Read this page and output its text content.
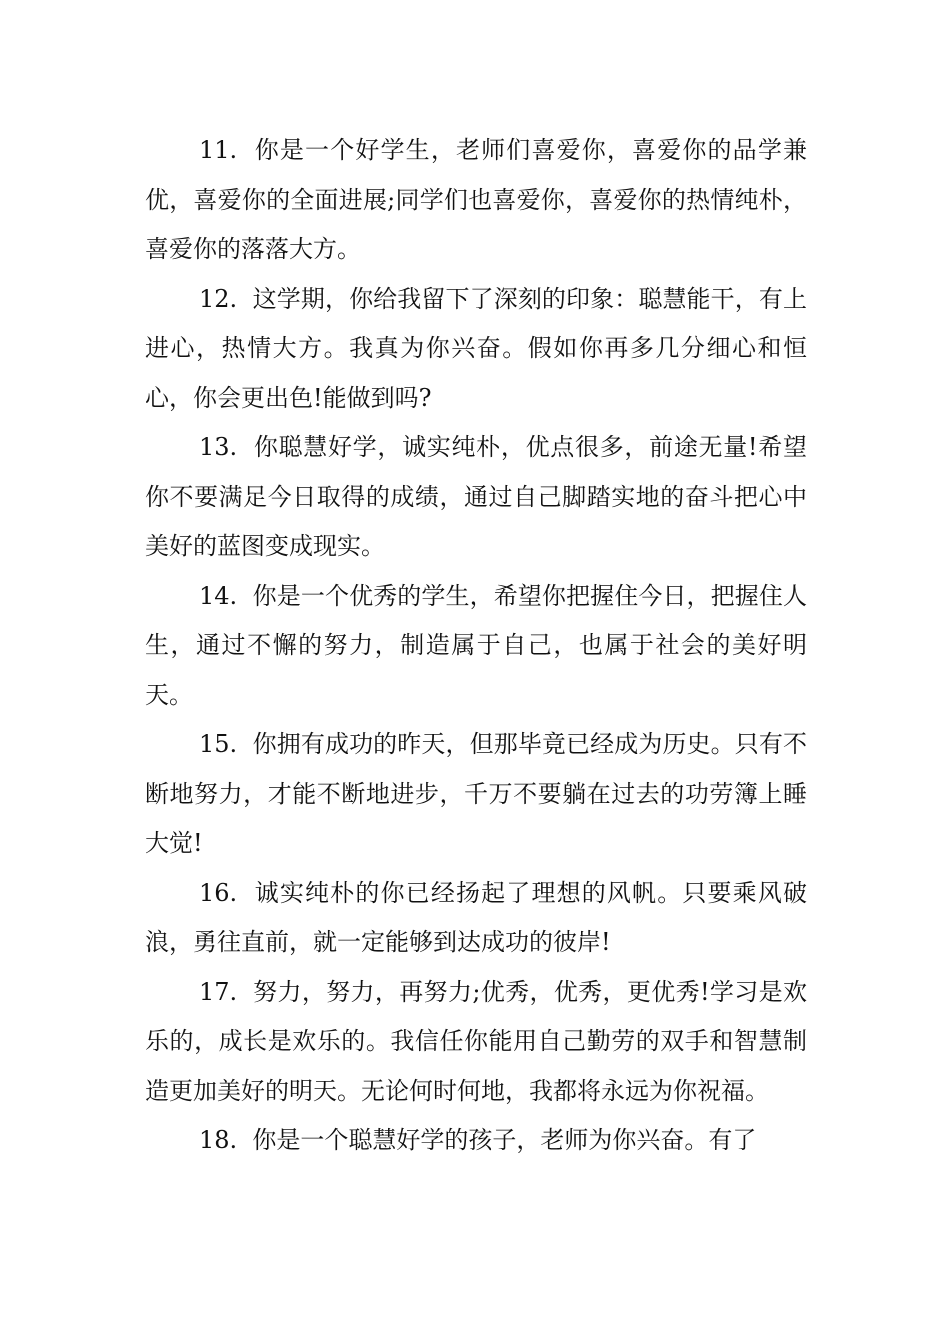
11.  你是一个好学生，老师们喜爱你，喜爱你的品学兼优，喜爱你的全面进展;同学们也喜爱你，喜爱你的热情纯朴，喜爱你的落落大方。

12.  这学期，你给我留下了深刻的印象：聪慧能干，有上进心，热情大方。我真为你兴奋。假如你再多几分细心和恒心，你会更出色!能做到吗?

13.  你聪慧好学，诚实纯朴，优点很多，前途无量!希望你不要满足今日取得的成绩，通过自己脚踏实地的奋斗把心中美好的蓝图变成现实。

14.  你是一个优秀的学生，希望你把握住今日，把握住人生，通过不懈的努力，制造属于自己，也属于社会的美好明天。

15.  你拥有成功的昨天，但那毕竟已经成为历史。只有不断地努力，才能不断地进步，千万不要躺在过去的功劳簿上睡大觉!

16.  诚实纯朴的你已经扬起了理想的风帆。只要乘风破浪，勇往直前，就一定能够到达成功的彼岸!

17.  努力，努力，再努力;优秀，优秀，更优秀!学习是欢乐的，成长是欢乐的。我信任你能用自己勤劳的双手和智慧制造更加美好的明天。无论何时何地，我都将永远为你祝福。

18.  你是一个聪慧好学的孩子，老师为你兴奋。有了
